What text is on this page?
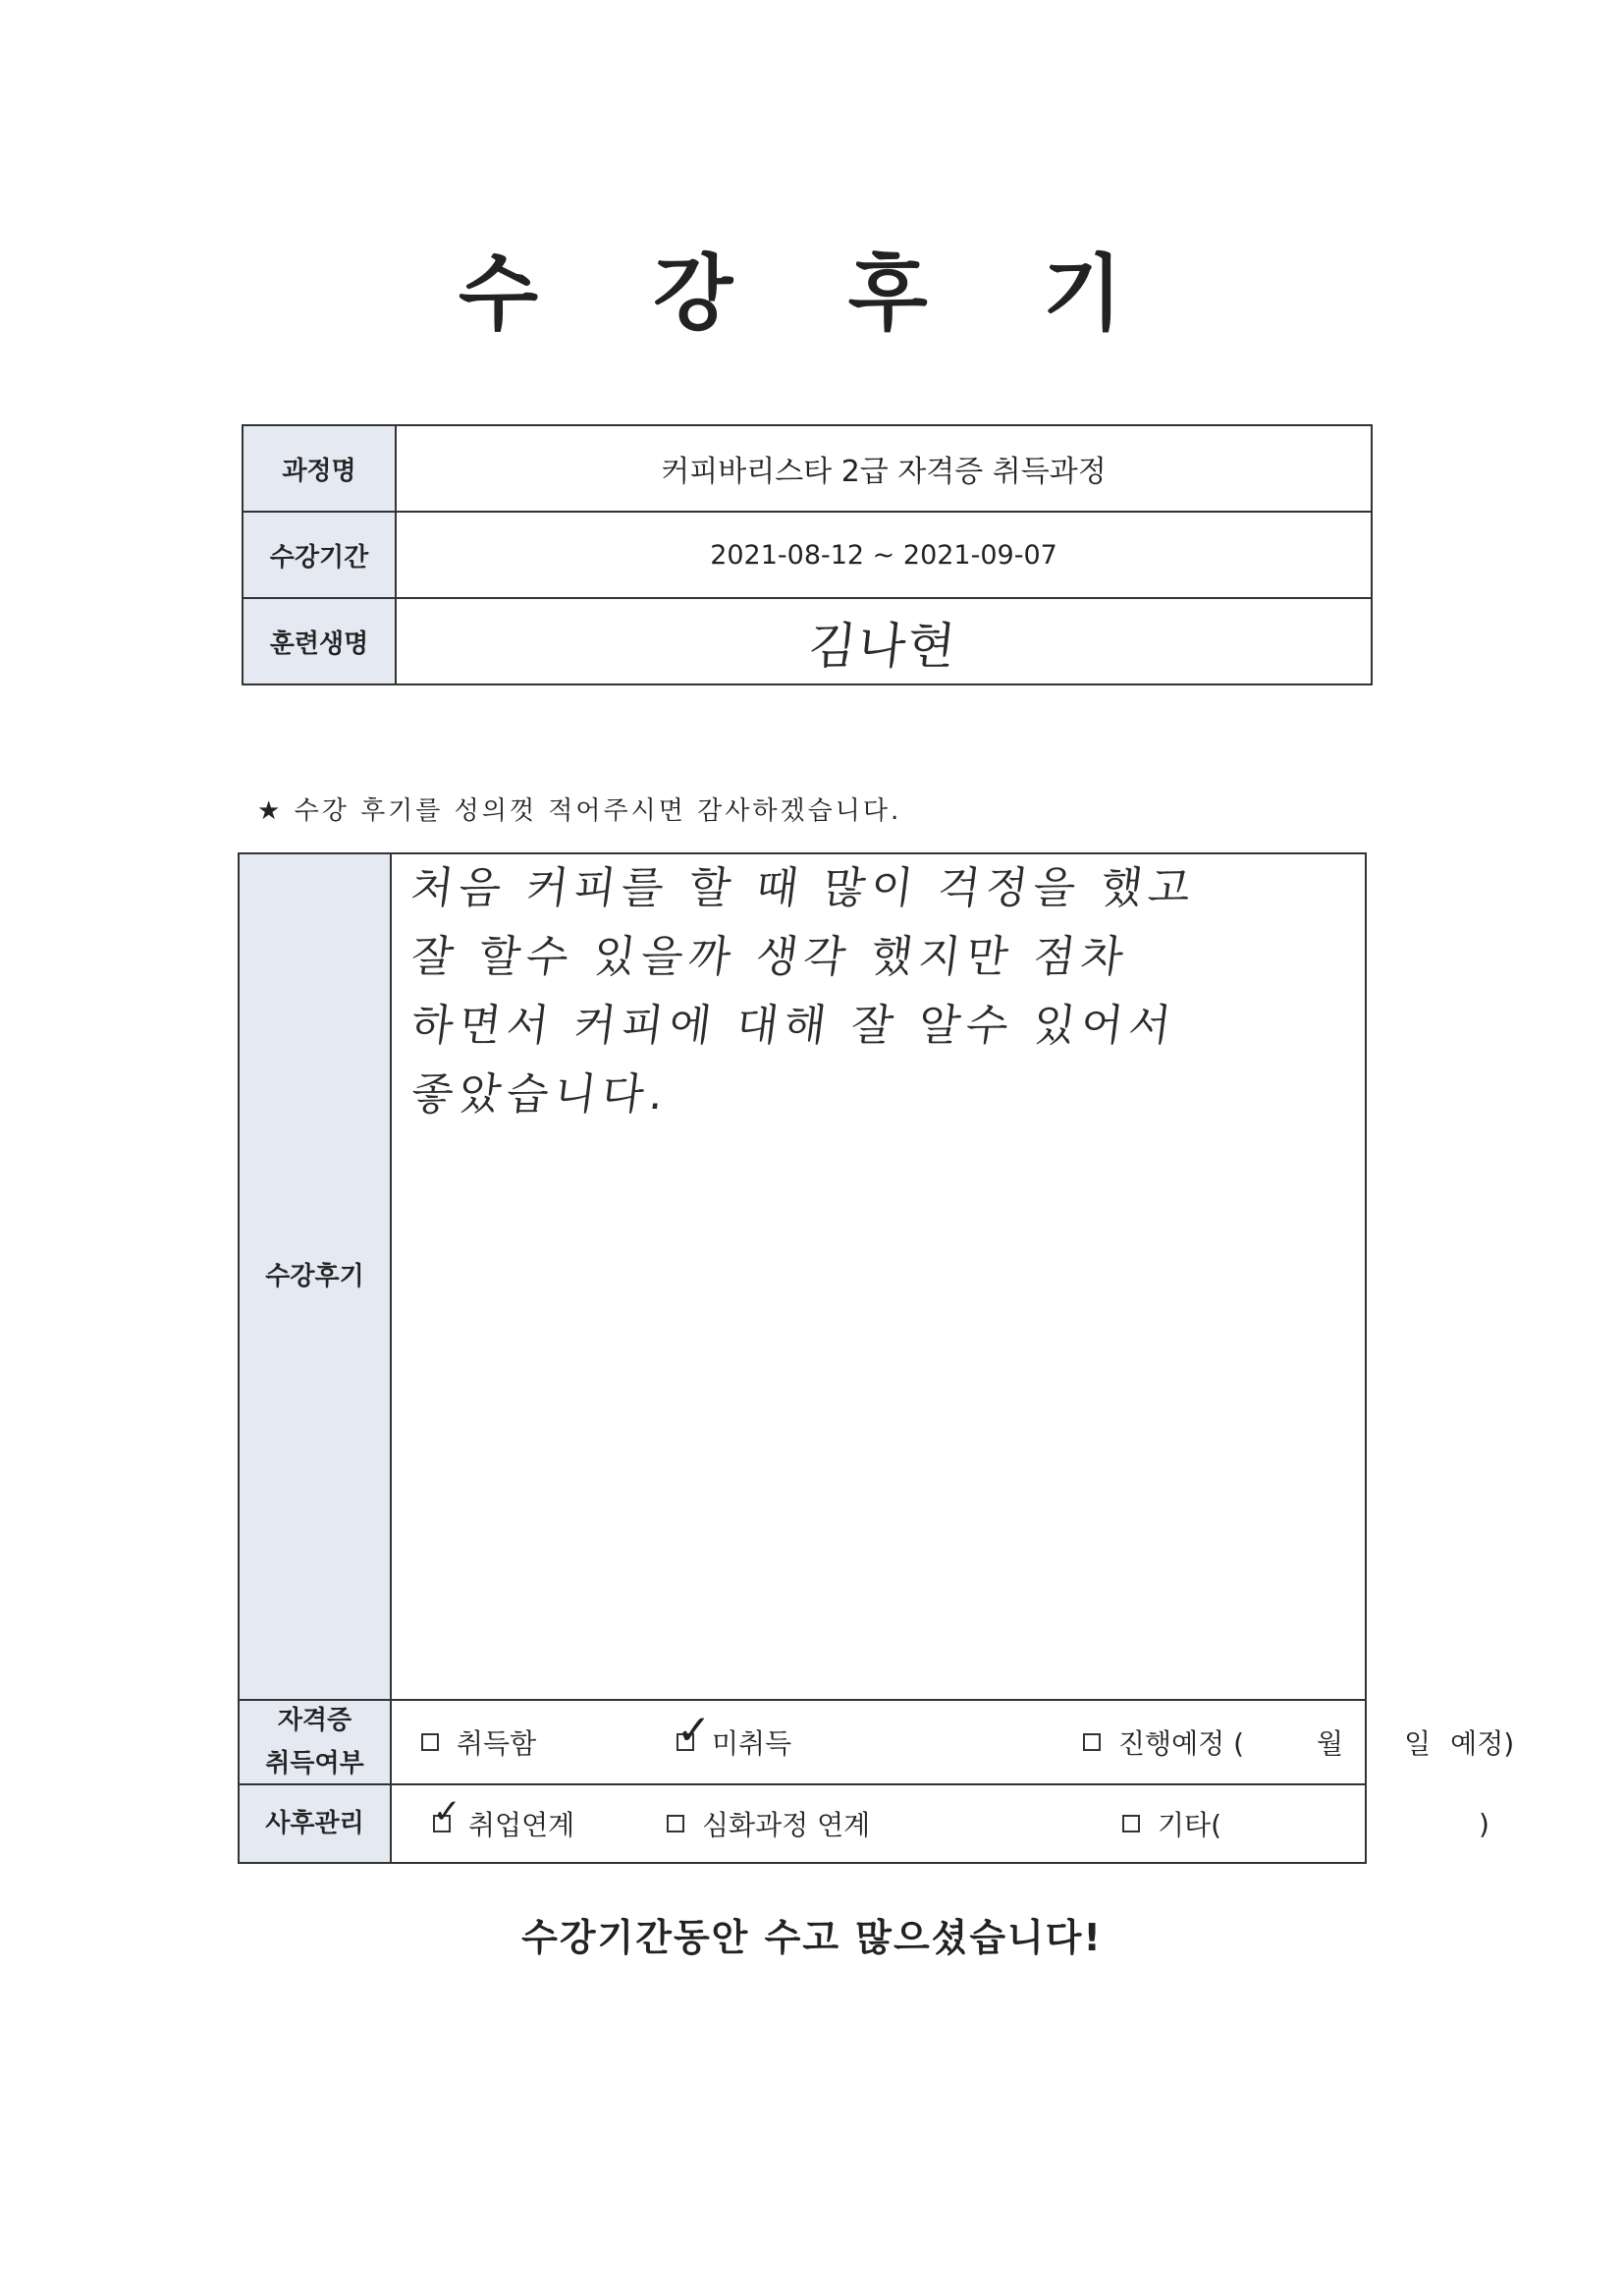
수 강 후 기
과정명	커피바리스타 2급 자격증 취득과정
수강기간	2021-08-12 ~ 2021-09-07
훈련생명	김나현
★ 수강 후기를 성의껏 적어주시면 감사하겠습니다.
수강후기
처음 커피를 할 때 많이 걱정을 했고
잘 할수 있을까 생각 했지만 점차
하면서 커피에 대해 잘 알수 있어서
좋았습니다.
자격증
취득여부
취득함	✓ 미취득	진행예정 (	월 일 예정)
사후관리	✓ 취업연계	심화과정 연계	기타(	)
수강기간동안 수고 많으셨습니다!
